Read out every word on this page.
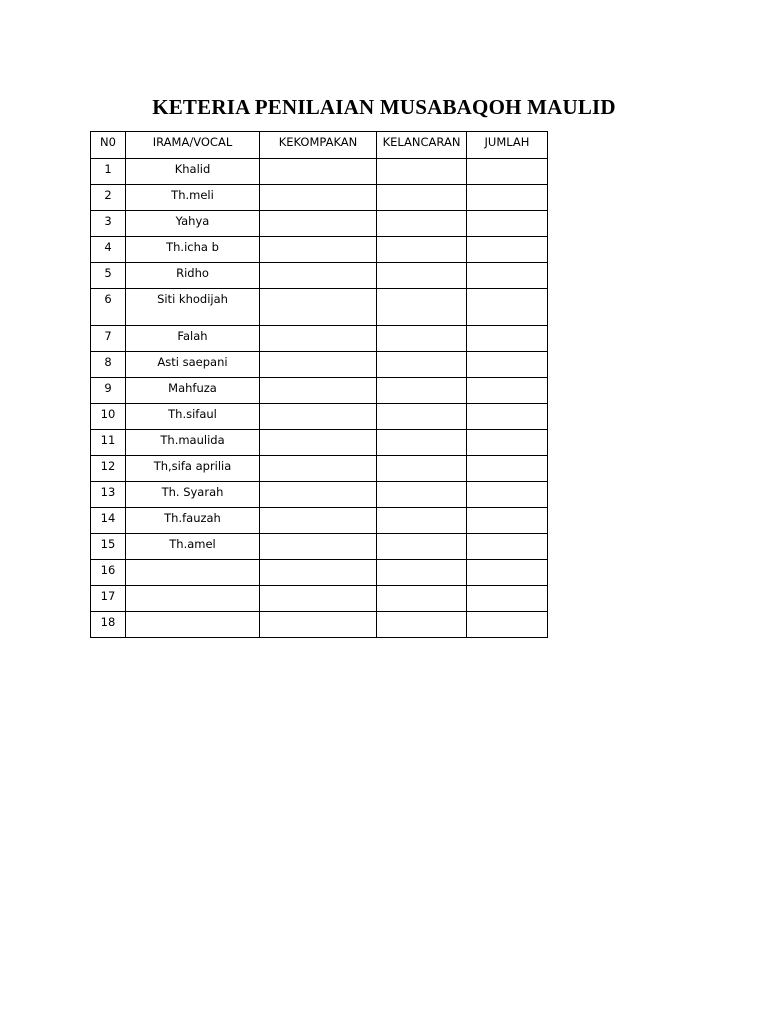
KETERIA PENILAIAN MUSABAQOH MAULID
N0	IRAMA/VOCAL	KEKOMPAKAN	KELANCARAN	JUMLAH
1	Khalid			
2	Th.meli			
3	Yahya			
4	Th.icha b			
5	Ridho			
6	Siti khodijah			
7	Falah			
8	Asti saepani			
9	Mahfuza			
10	Th.sifaul			
11	Th.maulida			
12	Th,sifa aprilia			
13	Th. Syarah			
14	Th.fauzah			
15	Th.amel			
16				
17				
18				
